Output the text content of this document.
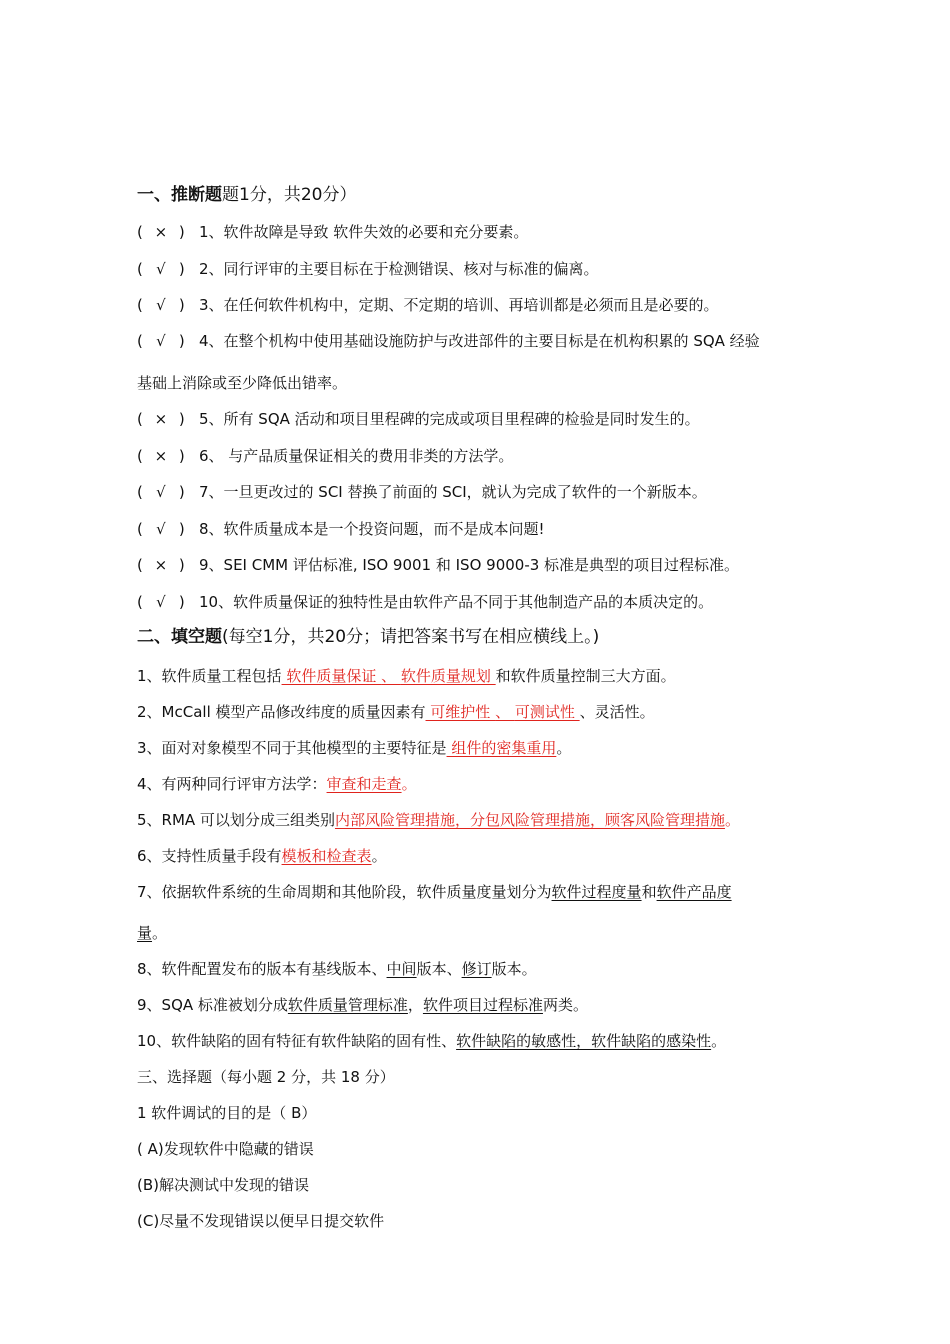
一、推断题题1分，共20分）
( × ) 1、软件故障是导致 软件失效的必要和充分要素。
( √ ) 2、同行评审的主要目标在于检测错误、核对与标准的偏离。
( √ ) 3、在任何软件机构中，定期、不定期的培训、再培训都是必须而且是必要的。
( √ ) 4、在整个机构中使用基础设施防护与改进部件的主要目标是在机构积累的 SQA 经验
基础上消除或至少降低出错率。
( × ) 5、所有 SQA 活动和项目里程碑的完成或项目里程碑的检验是同时发生的。
( × ) 6、 与产品质量保证相关的费用非类的方法学。
( √ ) 7、一旦更改过的 SCI 替换了前面的 SCI，就认为完成了软件的一个新版本。
( √ ) 8、软件质量成本是一个投资问题，而不是成本问题!
( × ) 9、SEI CMM 评估标准, ISO 9001 和 ISO 9000-3 标准是典型的项目过程标准。
( √ ) 10、软件质量保证的独特性是由软件产品不同于其他制造产品的本质决定的。
二、填空题(每空1分，共20分；请把答案书写在相应横线上。)
1、软件质量工程包括 软件质量保证 、 软件质量规划 和软件质量控制三大方面。
2、McCall 模型产品修改纬度的质量因素有 可维护性 、 可测试性 、灵活性。
3、面对对象模型不同于其他模型的主要特征是 组件的密集重用。
4、有两种同行评审方法学：审查和走查。
5、RMA 可以划分成三组类别内部风险管理措施，分包风险管理措施，顾客风险管理措施。
6、支持性质量手段有模板和检查表。
7、依据软件系统的生命周期和其他阶段，软件质量度量划分为软件过程度量和软件产品度
量。
8、软件配置发布的版本有基线版本、中间版本、修订版本。
9、SQA 标准被划分成软件质量管理标准，软件项目过程标准两类。
10、软件缺陷的固有特征有软件缺陷的固有性、软件缺陷的敏感性，软件缺陷的感染性。
三、选择题（每小题 2 分，共 18 分）
1 软件调试的目的是（ B）
( A)发现软件中隐藏的错误
(B)解决测试中发现的错误
(C)尽量不发现错误以便早日提交软件
